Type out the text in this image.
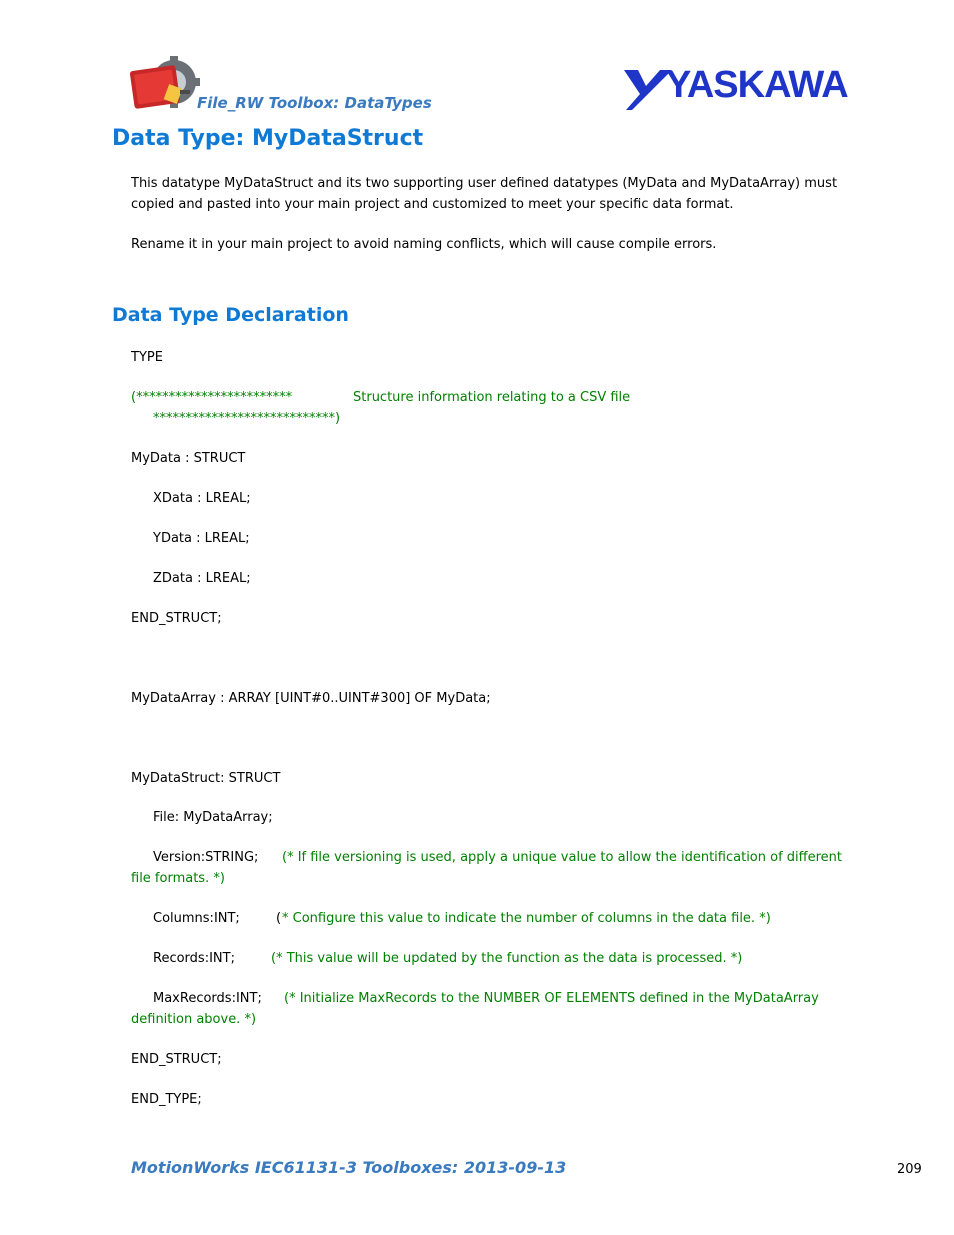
File_RW Toolbox: DataTypes	YASKAWA
Data Type: MyDataStruct
This datatype MyDataStruct and its two supporting user defined datatypes (MyData and MyDataArray) must
copied and pasted into your main project and customized to meet your specific data format.
Rename it in your main project to avoid naming conflicts, which will cause compile errors.
Data Type Declaration
TYPE
(************************	Structure information relating to a CSV file
****************************)
MyData : STRUCT
XData : LREAL;
YData : LREAL;
ZData : LREAL;
END_STRUCT;
MyDataArray : ARRAY [UINT#0..UINT#300] OF MyData;
MyDataStruct: STRUCT
File: MyDataArray;
Version:STRING; (* If file versioning is used, apply a unique value to allow the identification of different
file formats. *)
Columns:INT;	( * Configure this value to indicate the number of columns in the data file. *)
Records:INT;	(* This value will be updated by the function as the data is processed. *)
MaxRecords:INT; (* Initialize MaxRecords to the NUMBER OF ELEMENTS defined in the MyDataArray
definition above. *)
END_STRUCT;
END_TYPE;
MotionWorks IEC61131-3 Toolboxes: 2013-09-13	209
